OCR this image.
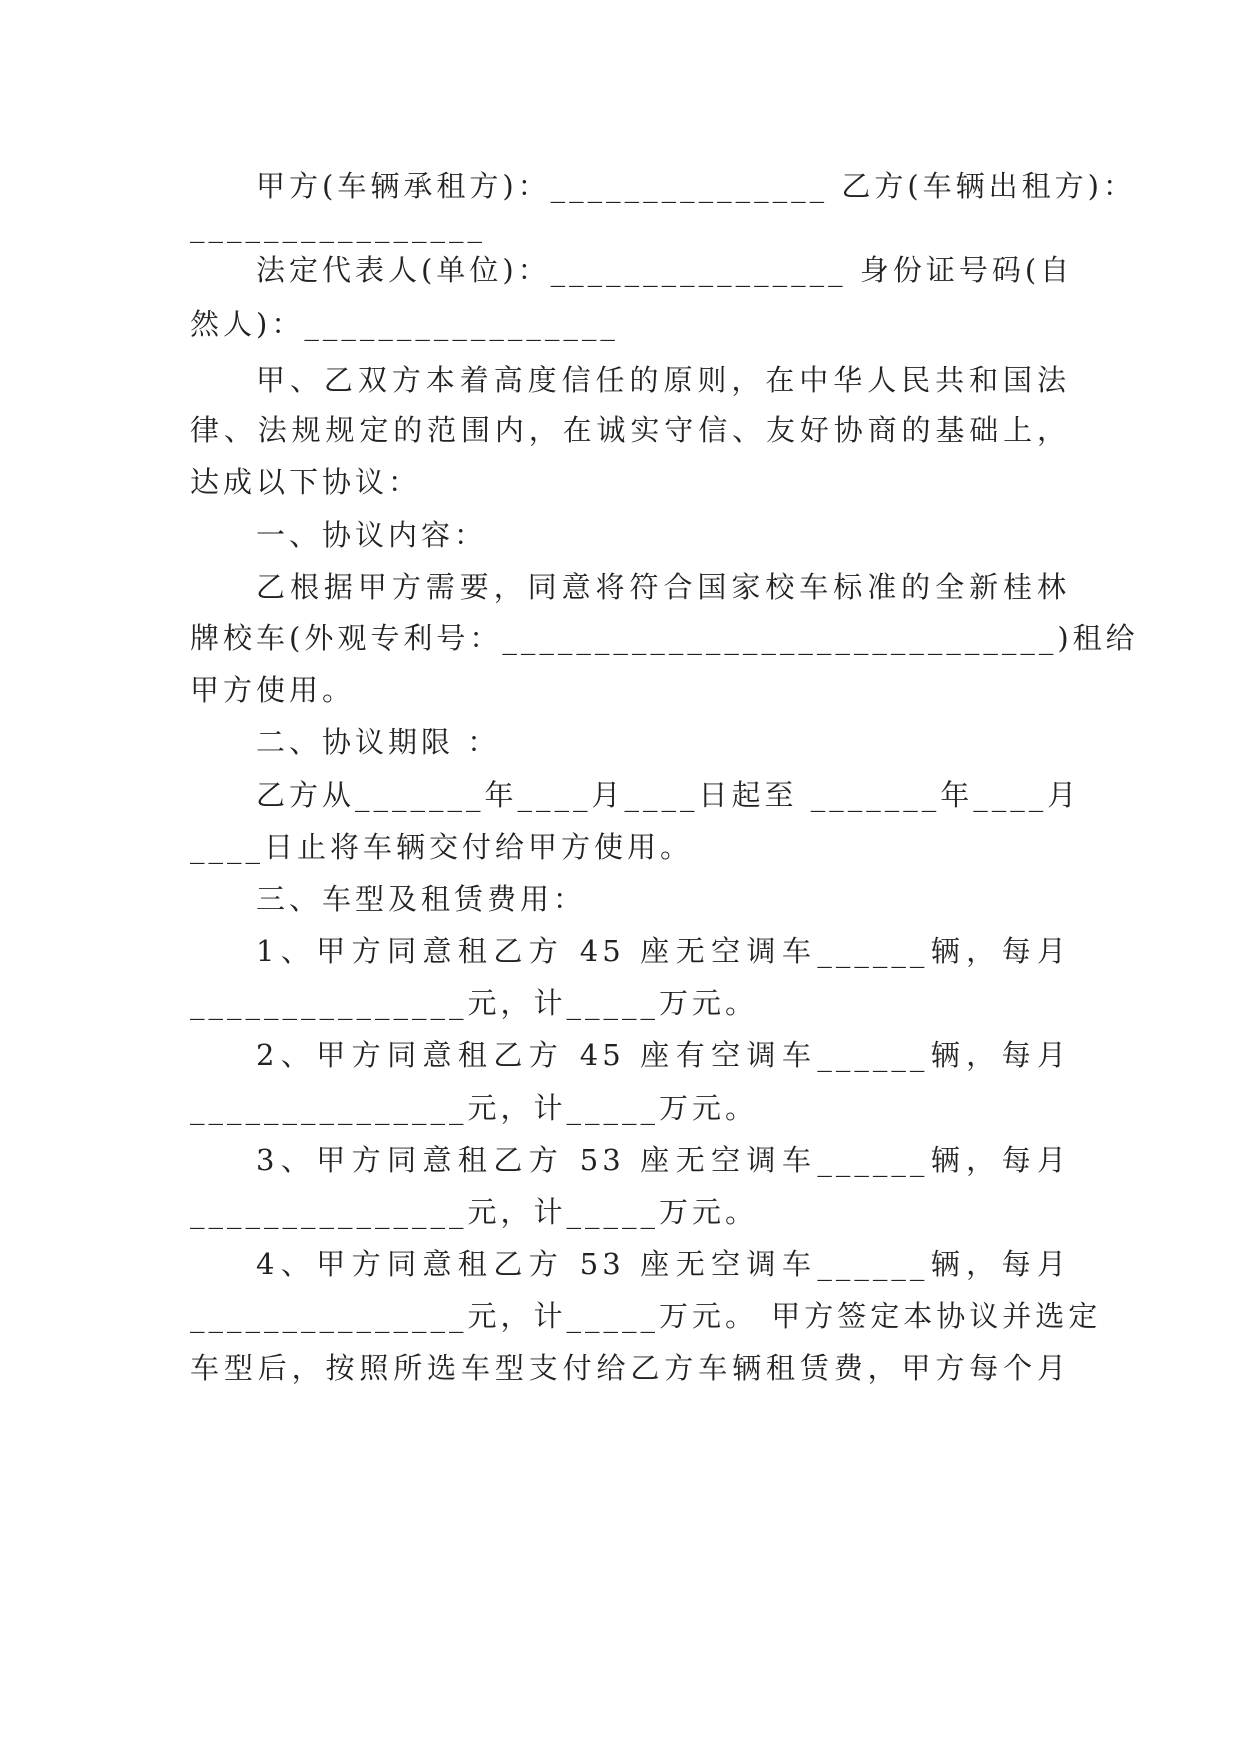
甲方(车辆承租方)：_______________ 乙方(车辆出租方)：
________________
法定代表人(单位)：________________ 身份证号码(自
然人)：_________________
甲、乙双方本着高度信任的原则，在中华人民共和国法
律、法规规定的范围内，在诚实守信、友好协商的基础上，
达成以下协议：
一、协议内容：
乙根据甲方需要，同意将符合国家校车标准的全新桂林
牌校车(外观专利号：______________________________)租给
甲方使用。
二、协议期限 ：
乙方从_______年____月____日起至 _______年____月
____日止将车辆交付给甲方使用。
三、车型及租赁费用：
1、甲方同意租乙方 45 座无空调车______辆，每月
_______________元，计_____万元。
2、甲方同意租乙方 45 座有空调车______辆，每月
_______________元，计_____万元。
3、甲方同意租乙方 53 座无空调车______辆，每月
_______________元，计_____万元。
4、甲方同意租乙方 53 座无空调车______辆，每月
_______________元，计_____万元。 甲方签定本协议并选定
车型后，按照所选车型支付给乙方车辆租赁费，甲方每个月
